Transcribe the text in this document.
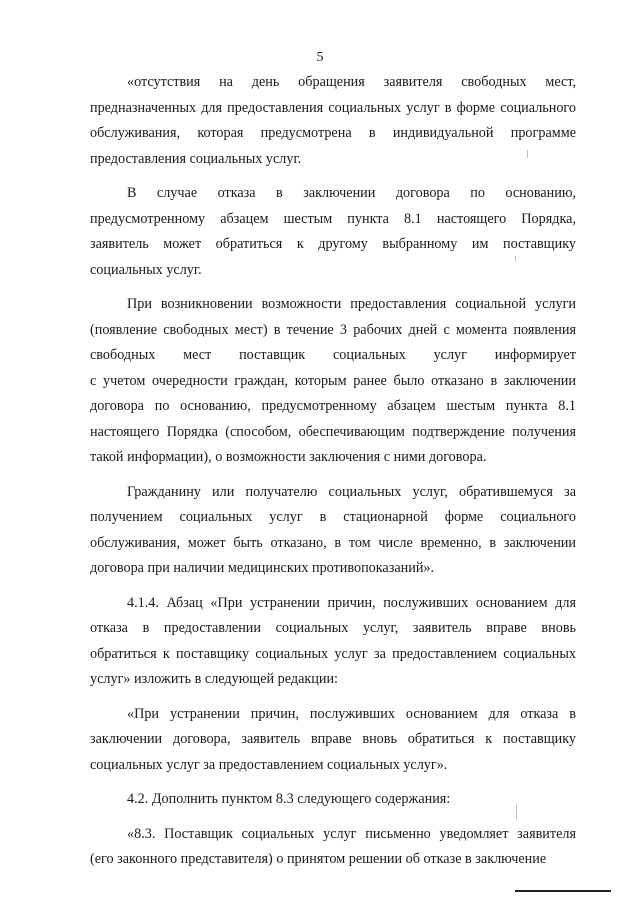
5
«отсутствия на день обращения заявителя свободных мест,
предназначенных для предоставления социальных услуг в форме социального
обслуживания, которая предусмотрена в индивидуальной программе
предоставления социальных услуг.
В случае отказа в заключении договора по основанию,
предусмотренному абзацем шестым пункта 8.1 настоящего Порядка,
заявитель может обратиться к другому выбранному им поставщику
социальных услуг.
При возникновении возможности предоставления социальной услуги
(появление свободных мест) в течение 3 рабочих дней с момента появления
свободных мест поставщик социальных услуг информирует
с учетом очередности граждан, которым ранее было отказано в заключении
договора по основанию, предусмотренному абзацем шестым пункта 8.1
настоящего Порядка (способом, обеспечивающим подтверждение получения
такой информации), о возможности заключения с ними договора.
Гражданину или получателю социальных услуг, обратившемуся за
получением социальных услуг в стационарной форме социального
обслуживания, может быть отказано, в том числе временно, в заключении
договора при наличии медицинских противопоказаний».
4.1.4. Абзац «При устранении причин, послуживших основанием для
отказа в предоставлении социальных услуг, заявитель вправе вновь
обратиться к поставщику социальных услуг за предоставлением социальных
услуг» изложить в следующей редакции:
«При устранении причин, послуживших основанием для отказа в
заключении договора, заявитель вправе вновь обратиться к поставщику
социальных услуг за предоставлением социальных услуг».
4.2. Дополнить пунктом 8.3 следующего содержания:
«8.3. Поставщик социальных услуг письменно уведомляет заявителя
(его законного представителя) о принятом решении об отказе в заключение
